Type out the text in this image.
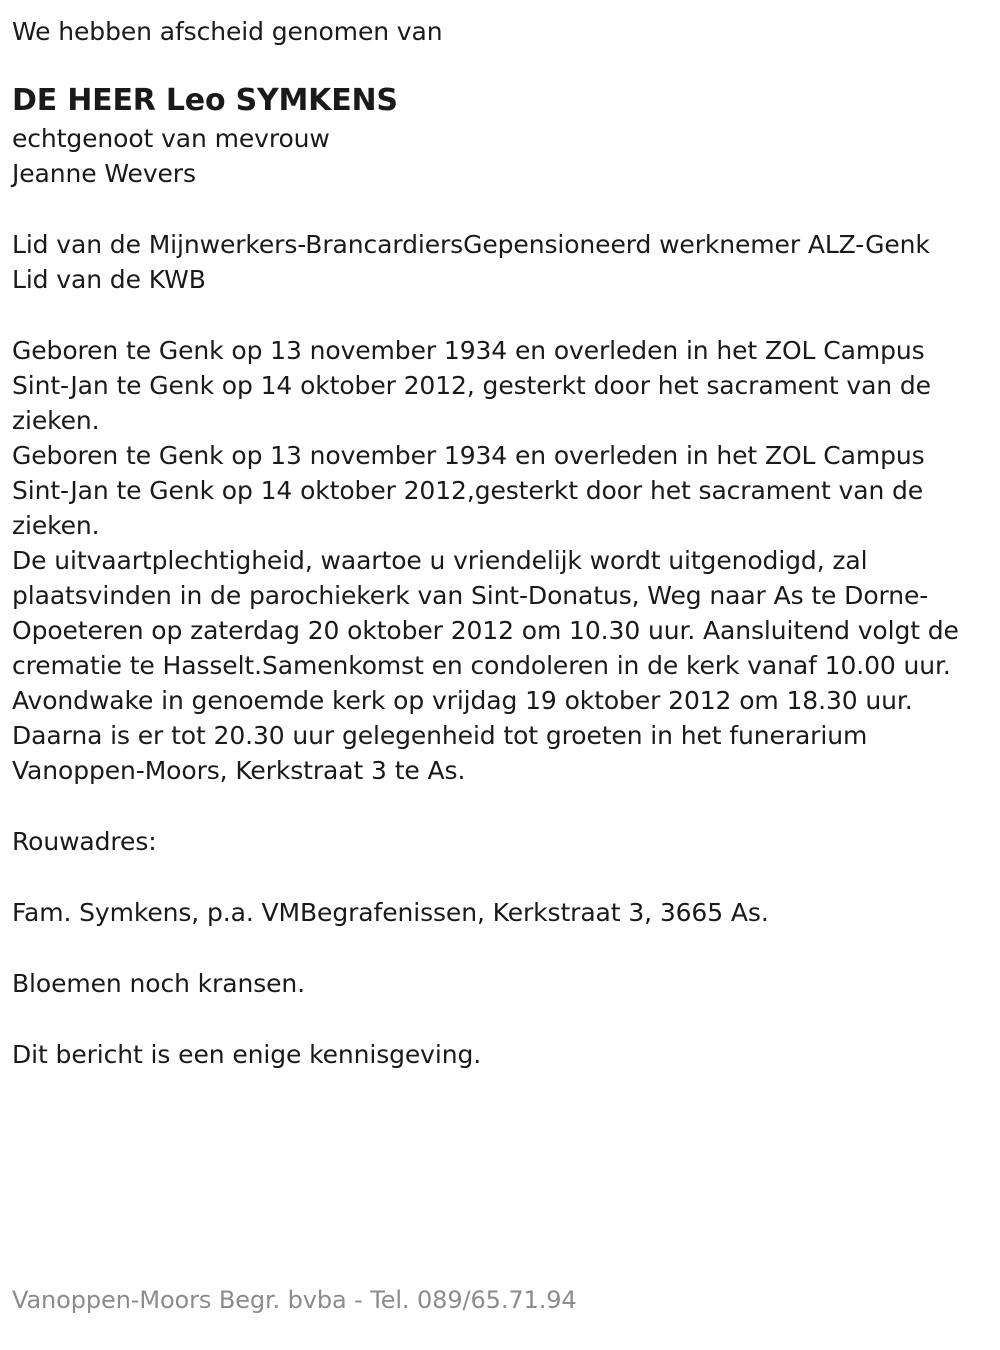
We hebben afscheid genomen van
DE HEER Leo SYMKENS
echtgenoot van mevrouw
Jeanne Wevers
Lid van de Mijnwerkers-BrancardiersGepensioneerd werknemer ALZ-Genk
Lid van de KWB
Geboren te Genk op 13 november 1934 en overleden in het ZOL Campus Sint-Jan te Genk op 14 oktober 2012, gesterkt door het sacrament van de zieken.
Geboren te Genk op 13 november 1934 en overleden in het ZOL Campus Sint-Jan te Genk op 14 oktober 2012,gesterkt door het sacrament van de zieken.
De uitvaartplechtigheid, waartoe u vriendelijk wordt uitgenodigd, zal plaatsvinden in de parochiekerk van Sint-Donatus, Weg naar As te Dorne-Opoeteren op zaterdag 20 oktober 2012 om 10.30 uur. Aansluitend volgt de crematie te Hasselt.Samenkomst en condoleren in de kerk vanaf 10.00 uur.
Avondwake in genoemde kerk op vrijdag 19 oktober 2012 om 18.30 uur. Daarna is er tot 20.30 uur gelegenheid tot groeten in het funerarium Vanoppen-Moors, Kerkstraat 3 te As.
Rouwadres:
Fam. Symkens, p.a. VMBegrafenissen, Kerkstraat 3, 3665 As.
Bloemen noch kransen.
Dit bericht is een enige kennisgeving.
Vanoppen-Moors Begr. bvba - Tel. 089/65.71.94
